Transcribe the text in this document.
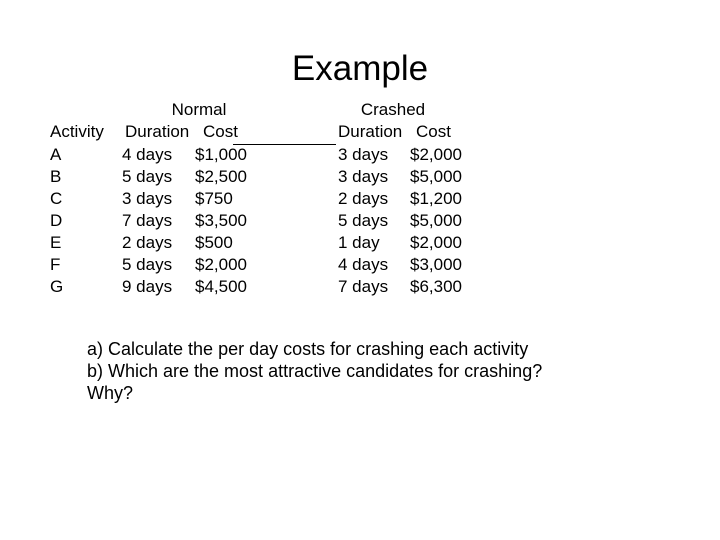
Example
Normal	Crashed
Activity Duration Cost	Duration Cost
A
B
C
D
E
F
G
4 days
5 days
3 days
7 days
2 days
5 days
9 days
$1,000
$2,500
$750
$3,500
$500
$2,000
$4,500
3 days
3 days
2 days
5 days
1 day
4 days
7 days
$2,000
$5,000
$1,200
$5,000
$2,000
$3,000
$6,300
a) Calculate the per day costs for crashing each activity
b) Which are the most attractive candidates for crashing?
Why?
